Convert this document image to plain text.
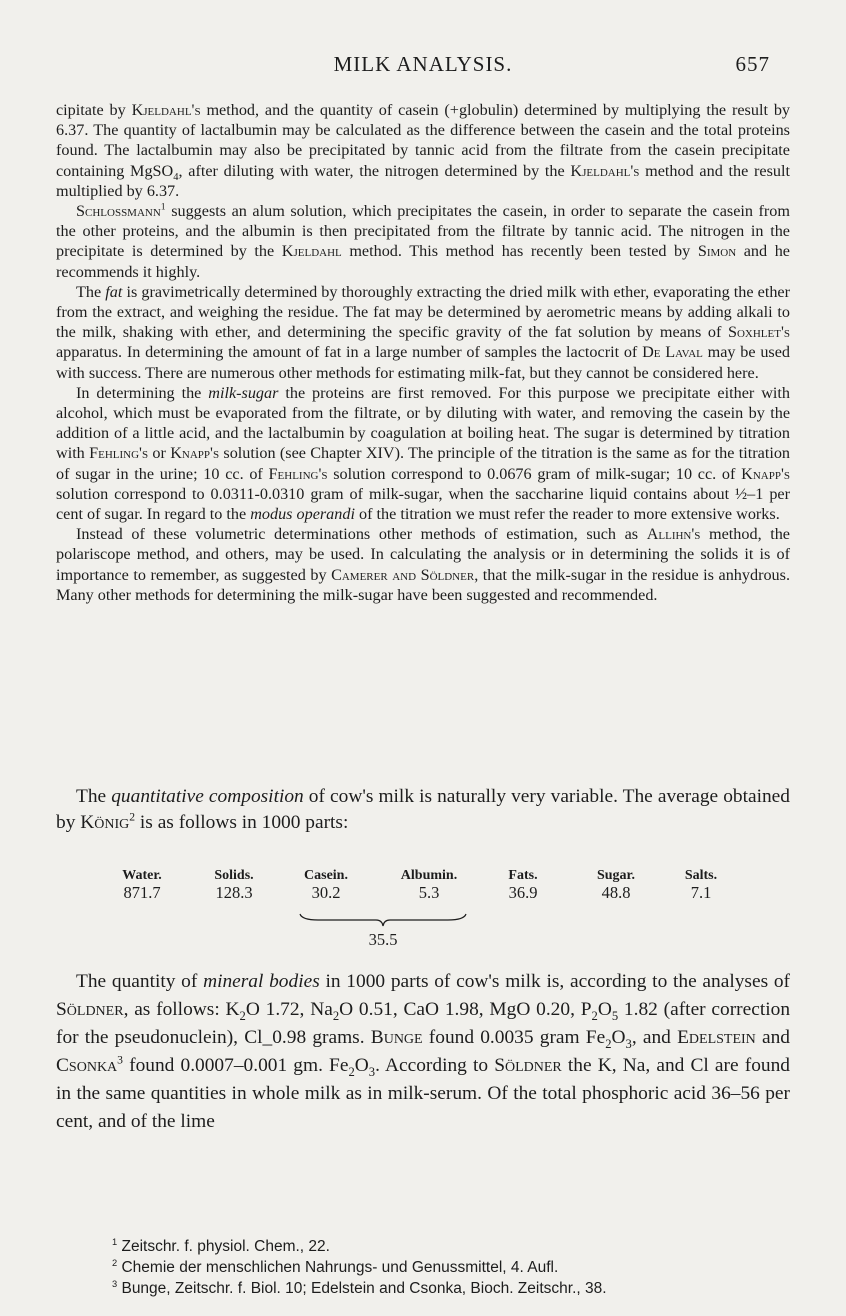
MILK ANALYSIS.	657

cipitate by Kjeldahl's method, and the quantity of casein (+globulin) determined by multiplying the result by 6.37. The quantity of lactalbumin may be calculated as the difference between the casein and the total proteins found. The lactalbumin may also be precipitated by tannic acid from the filtrate from the casein precipitate containing MgSO$_4$, after diluting with water, the nitrogen determined by the Kjeldahl's method and the result multiplied by 6.37.

Schlossmann$^1$ suggests an alum solution, which precipitates the casein, in order to separate the casein from the other proteins, and the albumin is then precipitated from the filtrate by tannic acid. The nitrogen in the precipitate is determined by the Kjeldahl method. This method has recently been tested by Simon and he recommends it highly.

The fat is gravimetrically determined by thoroughly extracting the dried milk with ether, evaporating the ether from the extract, and weighing the residue. The fat may be determined by aerometric means by adding alkali to the milk, shaking with ether, and determining the specific gravity of the fat solution by means of Soxhlet's apparatus. In determining the amount of fat in a large number of samples the lactocrit of De Laval may be used with success. There are numerous other methods for estimating milk-fat, but they cannot be considered here.

In determining the milk-sugar the proteins are first removed. For this purpose we precipitate either with alcohol, which must be evaporated from the filtrate, or by diluting with water, and removing the casein by the addition of a little acid, and the lactalbumin by coagulation at boiling heat. The sugar is determined by titration with Fehling's or Knapp's solution (see Chapter XIV). The principle of the titration is the same as for the titration of sugar in the urine; 10 cc. of Fehling's solution correspond to 0.0676 gram of milk-sugar; 10 cc. of Knapp's solution correspond to 0.0311-0.0310 gram of milk-sugar, when the saccharine liquid contains about ½–1 per cent of sugar. In regard to the modus operandi of the titration we must refer the reader to more extensive works.

Instead of these volumetric determinations other methods of estimation, such as Allihn's method, the polariscope method, and others, may be used. In calculating the analysis or in determining the solids it is of importance to remember, as suggested by Camerer and Söldner, that the milk-sugar in the residue is anhydrous. Many other methods for determining the milk-sugar have been suggested and recommended.

The quantitative composition of cow's milk is naturally very variable. The average obtained by König$^2$ is as follows in 1000 parts:

Water.
871.7
Solids.
128.3
Casein.
30.2
Albumin.
5.3
Fats.
36.9
Sugar.
48.8
Salts.
7.1
35.5

The quantity of mineral bodies in 1000 parts of cow's milk is, according to the analyses of Söldner, as follows: $K_2O$ 1.72, $Na_2O$ 0.51, CaO 1.98, MgO 0.20, $P_2O_5$ 1.82 (after correction for the pseudonuclein), Cl_0.98 grams. Bunge found 0.0035 gram $Fe_2O_3$, and Edelstein and Csonka$^3$ found 0.0007–0.001 gm. $Fe_2O_3$. According to Söldner the K, Na, and Cl are found in the same quantities in whole milk as in milk-serum. Of the total phosphoric acid 36–56 per cent, and of the lime

$^1$ Zeitschr. f. physiol. Chem., 22.
$^2$ Chemie der menschlichen Nahrungs- und Genussmittel, 4. Aufl.
$^3$ Bunge, Zeitschr. f. Biol. 10; Edelstein and Csonka, Bioch. Zeitschr., 38.
